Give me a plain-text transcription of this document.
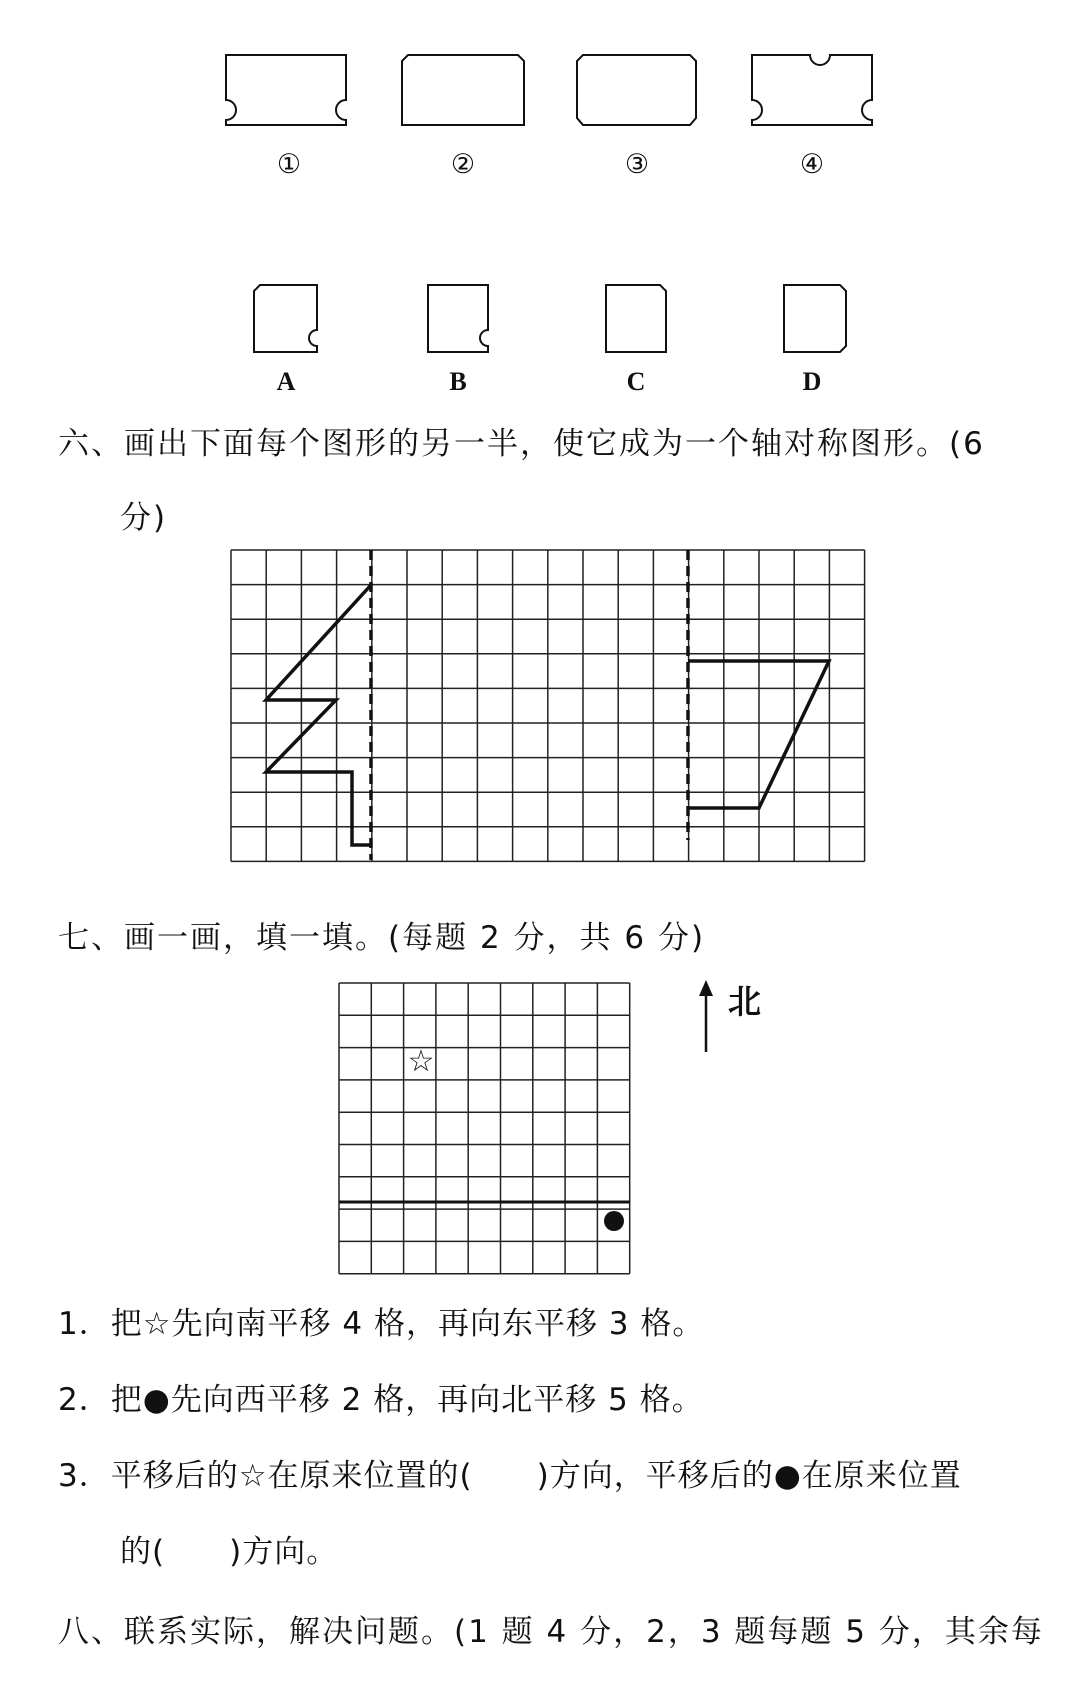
①	②	③	④
A	B	C	D
六、画出下面每个图形的另一半，使它成为一个轴对称图形。(6
分)
七、画一画，填一填。(每题 2 分，共 6 分)
☆
北
1．把☆先向南平移 4 格，再向东平移 3 格。
2．把●先向西平移 2 格，再向北平移 5 格。
3．平移后的☆在原来位置的(　　)方向，平移后的●在原来位置
的(　　)方向。
八、联系实际，解决问题。(1 题 4 分，2，3 题每题 5 分，其余每
